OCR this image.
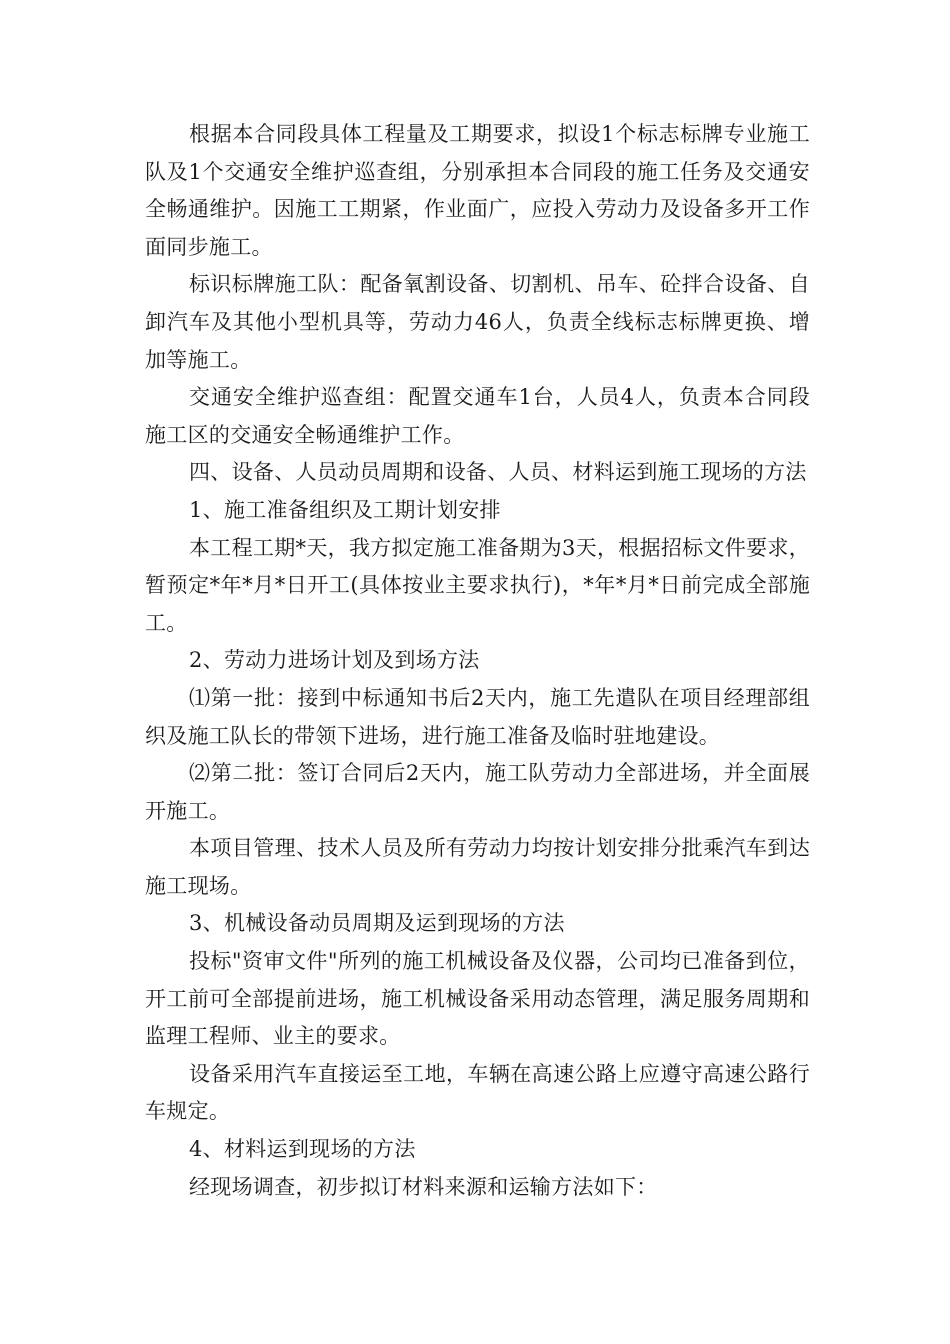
根据本合同段具体工程量及工期要求，拟设1个标志标牌专业施工队及1个交通安全维护巡查组，分别承担本合同段的施工任务及交通安全畅通维护。因施工工期紧，作业面广，应投入劳动力及设备多开工作面同步施工。

标识标牌施工队：配备氧割设备、切割机、吊车、砼拌合设备、自卸汽车及其他小型机具等，劳动力46人，负责全线标志标牌更换、增加等施工。

交通安全维护巡查组：配置交通车1台，人员4人，负责本合同段施工区的交通安全畅通维护工作。

四、设备、人员动员周期和设备、人员、材料运到施工现场的方法

1、施工准备组织及工期计划安排

本工程工期*天，我方拟定施工准备期为3天，根据招标文件要求，暂预定*年*月*日开工(具体按业主要求执行)，*年*月*日前完成全部施工。

2、劳动力进场计划及到场方法

⑴第一批：接到中标通知书后2天内，施工先遣队在项目经理部组织及施工队长的带领下进场，进行施工准备及临时驻地建设。

⑵第二批：签订合同后2天内，施工队劳动力全部进场，并全面展开施工。

本项目管理、技术人员及所有劳动力均按计划安排分批乘汽车到达施工现场。

3、机械设备动员周期及运到现场的方法

投标"资审文件"所列的施工机械设备及仪器，公司均已准备到位，开工前可全部提前进场，施工机械设备采用动态管理，满足服务周期和监理工程师、业主的要求。

设备采用汽车直接运至工地，车辆在高速公路上应遵守高速公路行车规定。

4、材料运到现场的方法

经现场调查，初步拟订材料来源和运输方法如下：
